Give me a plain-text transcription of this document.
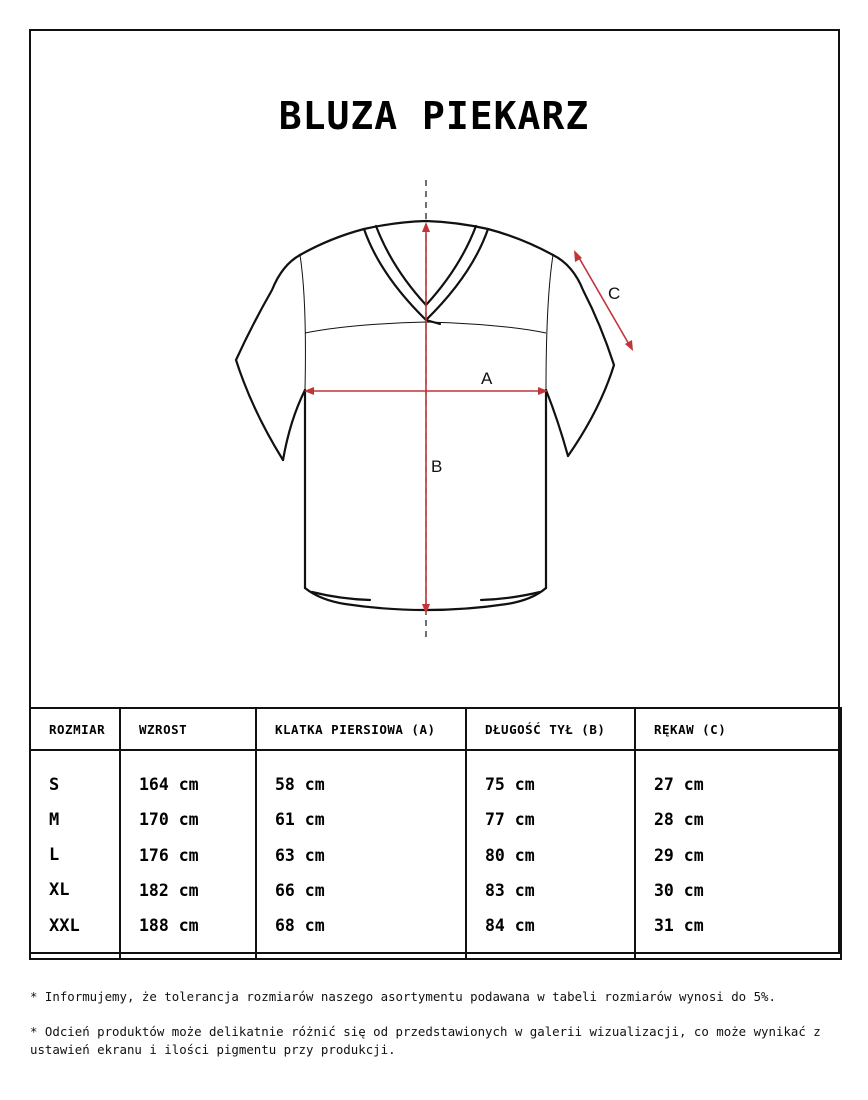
BLUZA PIEKARZ
A
B
C
ROZMIAR	WZROST	KLATKA PIERSIOWA (A)	DŁUGOŚĆ TYŁ (B)	RĘKAW (C)
S	164 cm	58 cm	75 cm	27 cm
M	170 cm	61 cm	77 cm	28 cm
L	176 cm	63 cm	80 cm	29 cm
XL	182 cm	66 cm	83 cm	30 cm
XXL	188 cm	68 cm	84 cm	31 cm

* Informujemy, że tolerancja rozmiarów naszego asortymentu podawana w tabeli rozmiarów wynosi do 5%.

* Odcień produktów może delikatnie różnić się od przedstawionych w galerii wizualizacji, co może wynikać z ustawień ekranu i ilości pigmentu przy produkcji.
